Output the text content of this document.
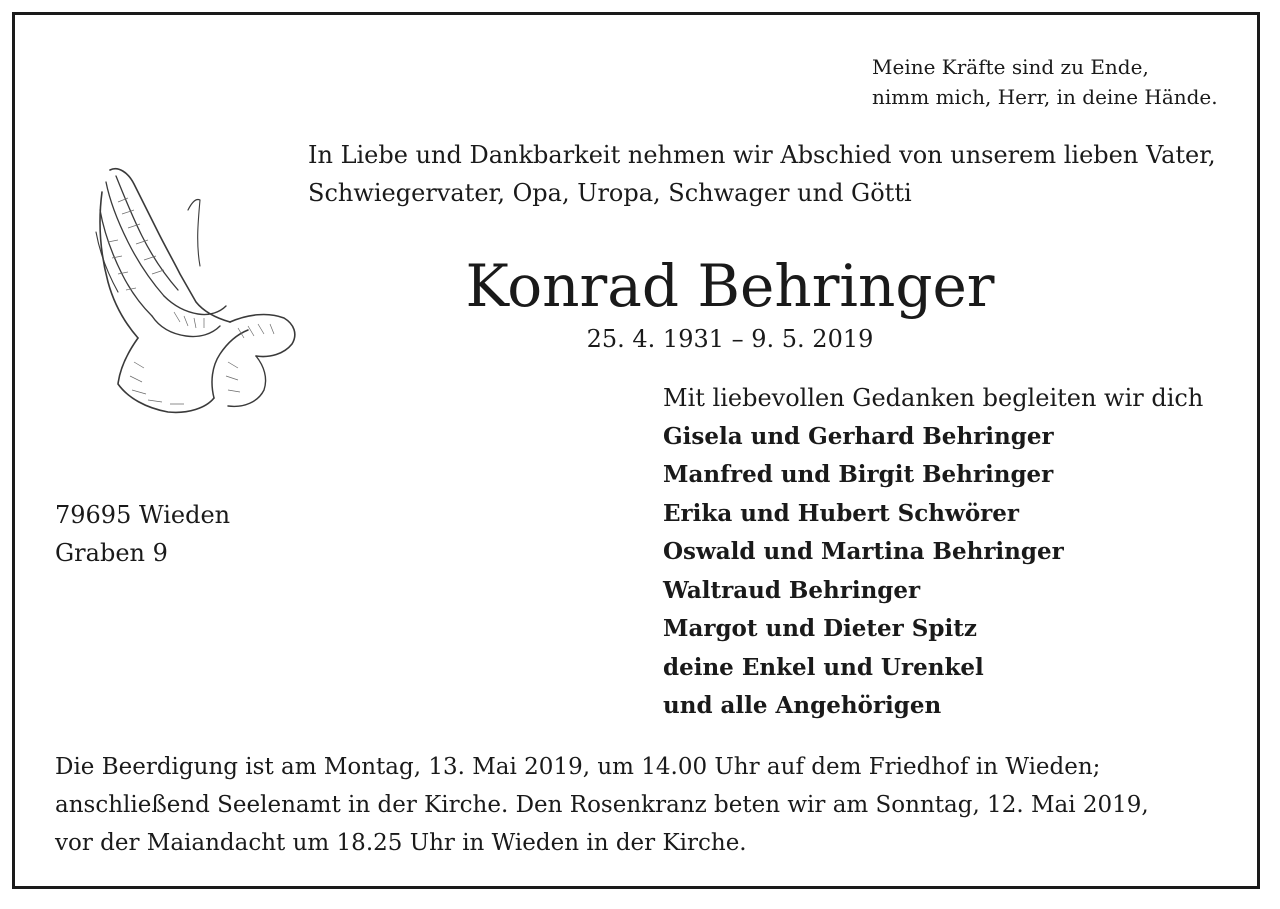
Meine Kräfte sind zu Ende,
nimm mich, Herr, in deine Hände.
In Liebe und Dankbarkeit nehmen wir Abschied von unserem lieben Vater,
Schwiegervater, Opa, Uropa, Schwager und Götti
Konrad Behringer
25. 4. 1931 – 9. 5. 2019
79695 Wieden
Graben 9
Mit liebevollen Gedanken begleiten wir dich
Gisela und Gerhard Behringer
Manfred und Birgit Behringer
Erika und Hubert Schwörer
Oswald und Martina Behringer
Waltraud Behringer
Margot und Dieter Spitz
deine Enkel und Urenkel
und alle Angehörigen
Die Beerdigung ist am Montag, 13. Mai 2019, um 14.00 Uhr auf dem Friedhof in Wieden;
anschließend Seelenamt in der Kirche. Den Rosenkranz beten wir am Sonntag, 12. Mai 2019,
vor der Maiandacht um 18.25 Uhr in Wieden in der Kirche.
